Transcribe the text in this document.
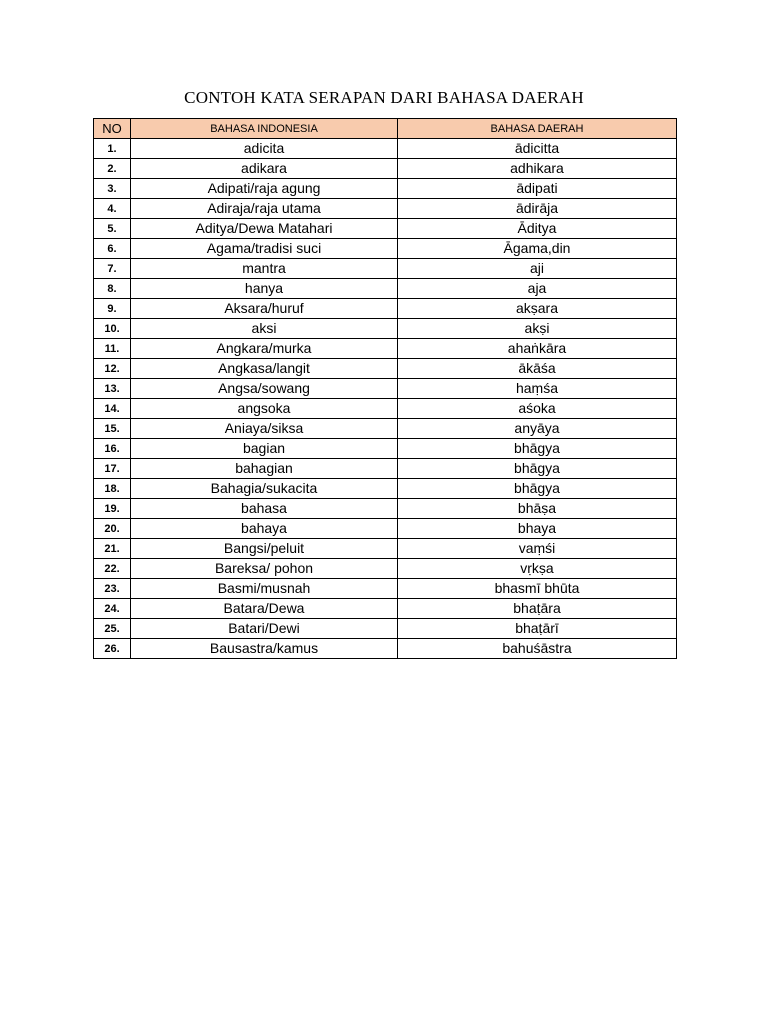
CONTOH KATA SERAPAN DARI BAHASA DAERAH
NO	BAHASA INDONESIA	BAHASA DAERAH
1.	adicita	ādicitta
2.	adikara	adhikara
3.	Adipati/raja agung	ādipati
4.	Adiraja/raja utama	ādirāja
5.	Aditya/Dewa Matahari	Āditya
6.	Agama/tradisi suci	Āgama,din
7.	mantra	aji
8.	hanya	aja
9.	Aksara/huruf	akṣara
10.	aksi	akṣi
11.	Angkara/murka	ahaṅkāra
12.	Angkasa/langit	ākāśa
13.	Angsa/sowang	haṃśa
14.	angsoka	aśoka
15.	Aniaya/siksa	anyāya
16.	bagian	bhāgya
17.	bahagian	bhāgya
18.	Bahagia/sukacita	bhāgya
19.	bahasa	bhāṣa
20.	bahaya	bhaya
21.	Bangsi/peluit	vaṃśi
22.	Bareksa/ pohon	vṛkṣa
23.	Basmi/musnah	bhasmī bhūta
24.	Batara/Dewa	bhaṭāra
25.	Batari/Dewi	bhaṭārī
26.	Bausastra/kamus	bahuśāstra
